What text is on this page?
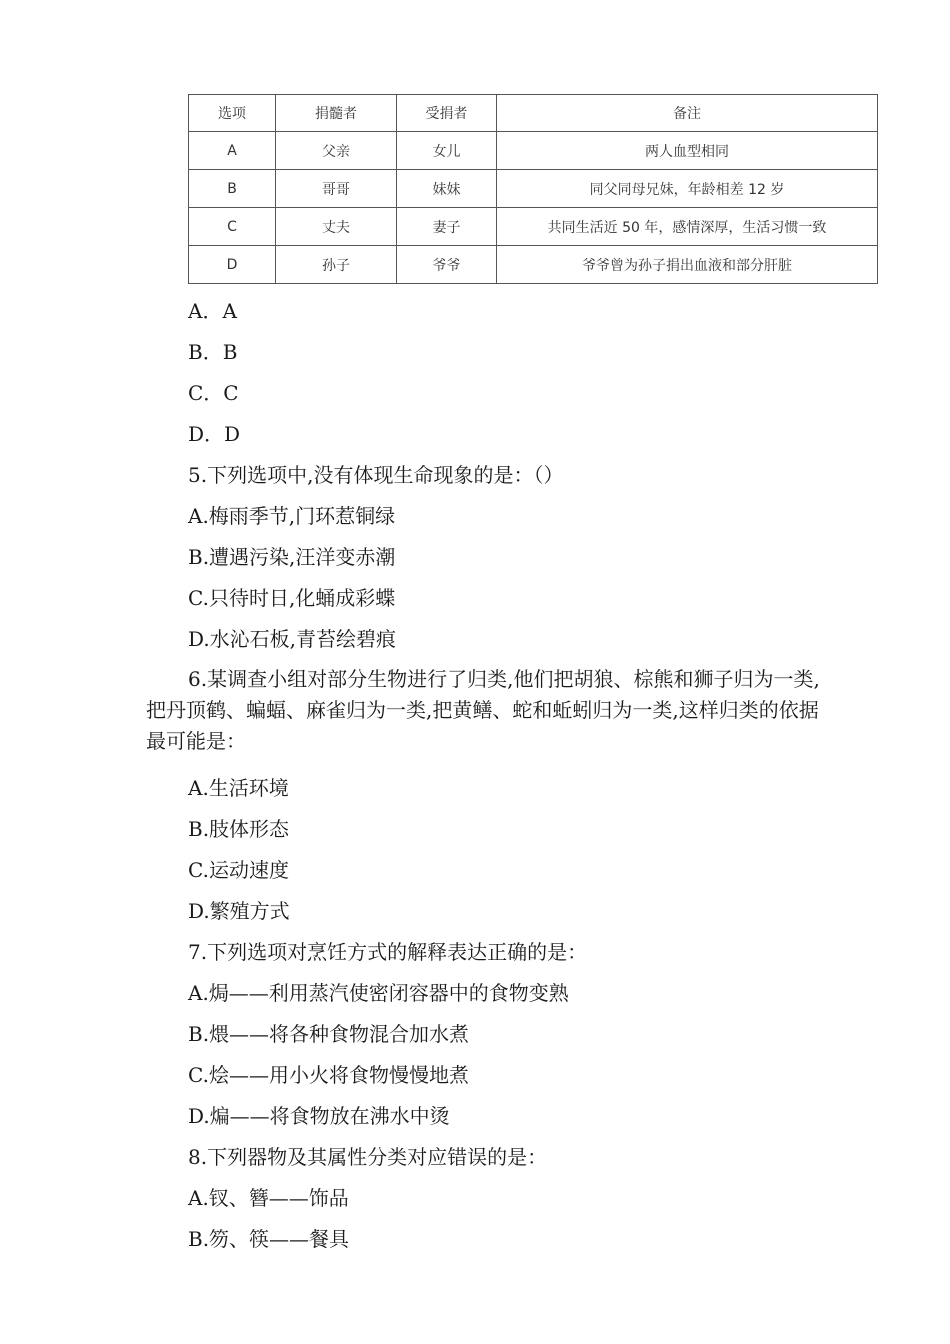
选项	捐髓者	受捐者	备注
A	父亲	女儿	两人血型相同
B	哥哥	妹妹	同父同母兄妹，年龄相差 12 岁
C	丈夫	妻子	共同生活近 50 年，感情深厚，生活习惯一致
D	孙子	爷爷	爷爷曾为孙子捐出血液和部分肝脏
A．A
B．B
C．C
D．D
5.下列选项中,没有体现生命现象的是：（）
A.梅雨季节,门环惹铜绿
B.遭遇污染,汪洋变赤潮
C.只待时日,化蛹成彩蝶
D.水沁石板,青苔绘碧痕
6.某调查小组对部分生物进行了归类,他们把胡狼、棕熊和狮子归为一类,把丹顶鹤、蝙蝠、麻雀归为一类,把黄鳝、蛇和蚯蚓归为一类,这样归类的依据最可能是：
A.生活环境
B.肢体形态
C.运动速度
D.繁殖方式
7.下列选项对烹饪方式的解释表达正确的是：
A.焗——利用蒸汽使密闭容器中的食物变熟
B.煨——将各种食物混合加水煮
C.烩——用小火将食物慢慢地煮
D.煸——将食物放在沸水中烫
8.下列器物及其属性分类对应错误的是：
A.钗、簪——饰品
B.笏、筷——餐具
